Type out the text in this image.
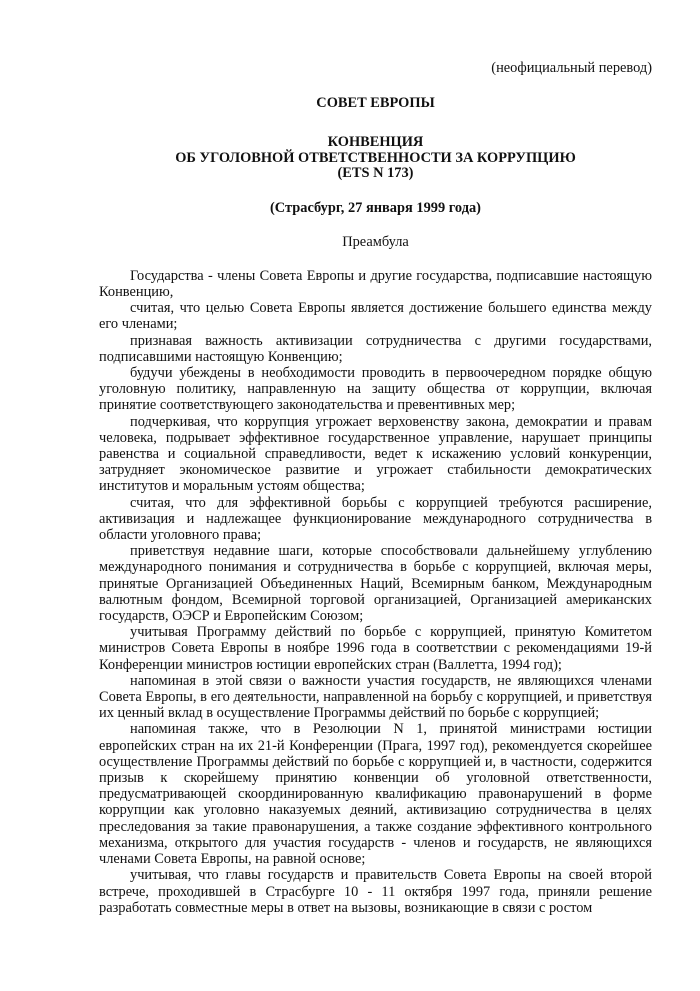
(неофициальный перевод)
СОВЕТ ЕВРОПЫ
КОНВЕНЦИЯ
ОБ УГОЛОВНОЙ ОТВЕТСТВЕННОСТИ ЗА КОРРУПЦИЮ
(ETS N 173)
(Страсбург, 27 января 1999 года)
Преамбула

Государства - члены Совета Европы и другие государства, подписавшие настоящую Конвенцию,

считая, что целью Совета Европы является достижение большего единства между его членами;

признавая важность активизации сотрудничества с другими государствами, подписавшими настоящую Конвенцию;

будучи убеждены в необходимости проводить в первоочередном порядке общую уголовную политику, направленную на защиту общества от коррупции, включая принятие соответствующего законодательства и превентивных мер;

подчеркивая, что коррупция угрожает верховенству закона, демократии и правам человека, подрывает эффективное государственное управление, нарушает принципы равенства и социальной справедливости, ведет к искажению условий конкуренции, затрудняет экономическое развитие и угрожает стабильности демократических институтов и моральным устоям общества;

считая, что для эффективной борьбы с коррупцией требуются расширение, активизация и надлежащее функционирование международного сотрудничества в области уголовного права;

приветствуя недавние шаги, которые способствовали дальнейшему углублению международного понимания и сотрудничества в борьбе с коррупцией, включая меры, принятые Организацией Объединенных Наций, Всемирным банком, Международным валютным фондом, Всемирной торговой организацией, Организацией американских государств, ОЭСР и Европейским Союзом;

учитывая Программу действий по борьбе с коррупцией, принятую Комитетом министров Совета Европы в ноябре 1996 года в соответствии с рекомендациями 19-й Конференции министров юстиции европейских стран (Валлетта, 1994 год);

напоминая в этой связи о важности участия государств, не являющихся членами Совета Европы, в его деятельности, направленной на борьбу с коррупцией, и приветствуя их ценный вклад в осуществление Программы действий по борьбе с коррупцией;

напоминая также, что в Резолюции N 1, принятой министрами юстиции европейских стран на их 21-й Конференции (Прага, 1997 год), рекомендуется скорейшее осуществление Программы действий по борьбе с коррупцией и, в частности, содержится призыв к скорейшему принятию конвенции об уголовной ответственности, предусматривающей скоординированную квалификацию правонарушений в форме коррупции как уголовно наказуемых деяний, активизацию сотрудничества в целях преследования за такие правонарушения, а также создание эффективного контрольного механизма, открытого для участия государств - членов и государств, не являющихся членами Совета Европы, на равной основе;

учитывая, что главы государств и правительств Совета Европы на своей второй встрече, проходившей в Страсбурге 10 - 11 октября 1997 года, приняли решение разработать совместные меры в ответ на вызовы, возникающие в связи с ростом
